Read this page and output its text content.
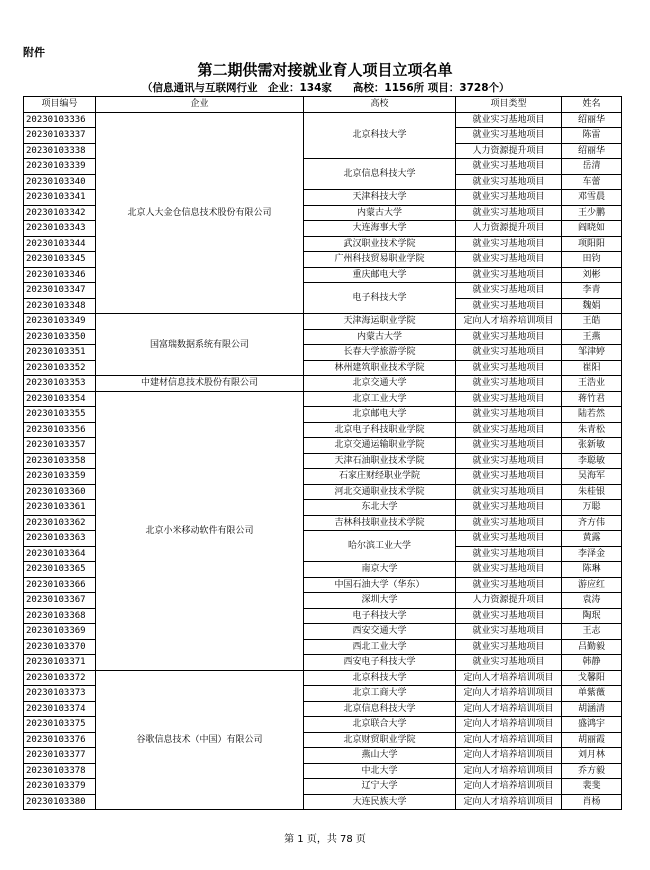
附件
第二期供需对接就业育人项目立项名单
（信息通讯与互联网行业　企业：134家　　高校：1156所 项目：3728个）
项目编号	企业	高校	项目类型	姓名
20230103336	北京人大金仓信息技术股份有限公司	北京科技大学	就业实习基地项目	绍丽华
20230103337			就业实习基地项目	陈雷
20230103338			人力资源提升项目	绍丽华
20230103339		北京信息科技大学	就业实习基地项目	岳清
20230103340			就业实习基地项目	车蕾
20230103341		天津科技大学	就业实习基地项目	邓雪晨
20230103342		内蒙古大学	就业实习基地项目	王少鹏
20230103343		大连海事大学	人力资源提升项目	阎晓如
20230103344		武汉职业技术学院	就业实习基地项目	项阳阳
20230103345		广州科技贸易职业学院	就业实习基地项目	田钧
20230103346		重庆邮电大学	就业实习基地项目	刘彬
20230103347		电子科技大学	就业实习基地项目	李青
20230103348			就业实习基地项目	魏娟
20230103349	国富瑞数据系统有限公司	天津海运职业学院	定向人才培养培训项目	王皓
20230103350		内蒙古大学	就业实习基地项目	王燕
20230103351		长春大学旅游学院	就业实习基地项目	邹津婷
20230103352		林州建筑职业技术学院	就业实习基地项目	崔阳
20230103353	中建材信息技术股份有限公司	北京交通大学	就业实习基地项目	王浩业
20230103354	北京小米移动软件有限公司	北京工业大学	就业实习基地项目	蒋竹君
20230103355		北京邮电大学	就业实习基地项目	陆若然
20230103356		北京电子科技职业学院	就业实习基地项目	朱青松
20230103357		北京交通运输职业学院	就业实习基地项目	张新敏
20230103358		天津石油职业技术学院	就业实习基地项目	李聪敏
20230103359		石家庄财经职业学院	就业实习基地项目	吴海军
20230103360		河北交通职业技术学院	就业实习基地项目	朱桂银
20230103361		东北大学	就业实习基地项目	万聪
20230103362		吉林科技职业技术学院	就业实习基地项目	齐方伟
20230103363		哈尔滨工业大学	就业实习基地项目	黄露
20230103364			就业实习基地项目	李泽金
20230103365		南京大学	就业实习基地项目	陈琳
20230103366		中国石油大学（华东）	就业实习基地项目	游应红
20230103367		深圳大学	人力资源提升项目	袁涛
20230103368		电子科技大学	就业实习基地项目	陶珉
20230103369		西安交通大学	就业实习基地项目	王志
20230103370		西北工业大学	就业实习基地项目	吕勤毅
20230103371		西安电子科技大学	就业实习基地项目	韩静
20230103372	谷歌信息技术（中国）有限公司	北京科技大学	定向人才培养培训项目	戈馨阳
20230103373		北京工商大学	定向人才培养培训项目	单紫薇
20230103374		北京信息科技大学	定向人才培养培训项目	胡涵清
20230103375		北京联合大学	定向人才培养培训项目	盛鸿宇
20230103376		北京财贸职业学院	定向人才培养培训项目	胡丽霞
20230103377		燕山大学	定向人才培养培训项目	刘月林
20230103378		中北大学	定向人才培养培训项目	乔方毅
20230103379		辽宁大学	定向人才培养培训项目	裴斐
20230103380		大连民族大学	定向人才培养培训项目	肖杨
第 1 页，共 78 页
